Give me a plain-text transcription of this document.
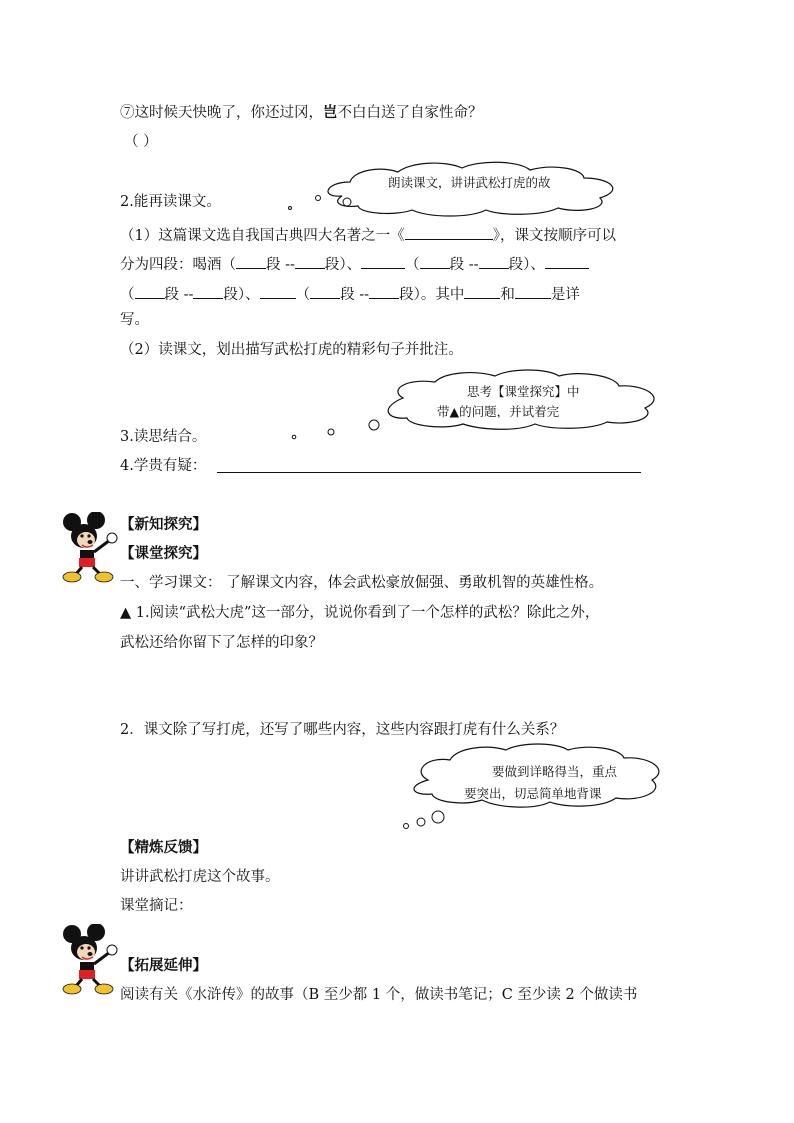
⑦这时候天快晚了，你还过冈，岂不白白送了自家性命？
（ ）
朗读课文，讲讲武松打虎的故
2.能再读课文。
（1）这篇课文选自我国古典四大名著之一《	》，课文按顺序可以
分为四段：喝酒（ 段 -- 段）、	（ 段 -- 段）、
（ 段 -- 段）、 （ 段 -- 段）。其中 和 是详
写。
（2）读课文，划出描写武松打虎的精彩句子并批注。
思考【课堂探究】中
带▲的问题，并试着完
3.读思结合。
4.学贵有疑：
【新知探究】
【课堂探究】
一、学习课文： 了解课文内容，体会武松豪放倔强、勇敢机智的英雄性格。
▲ 1.阅读“武松大虎”这一部分，说说你看到了一个怎样的武松？除此之外，
武松还给你留下了怎样的印象？
2．课文除了写打虎，还写了哪些内容，这些内容跟打虎有什么关系？
要做到详略得当，重点
要突出，切忌简单地背课
【精炼反馈】
讲讲武松打虎这个故事。
课堂摘记：
【拓展延伸】
阅读有关《水浒传》的故事（B 至少都 1 个，做读书笔记；C 至少读 2 个做读书
